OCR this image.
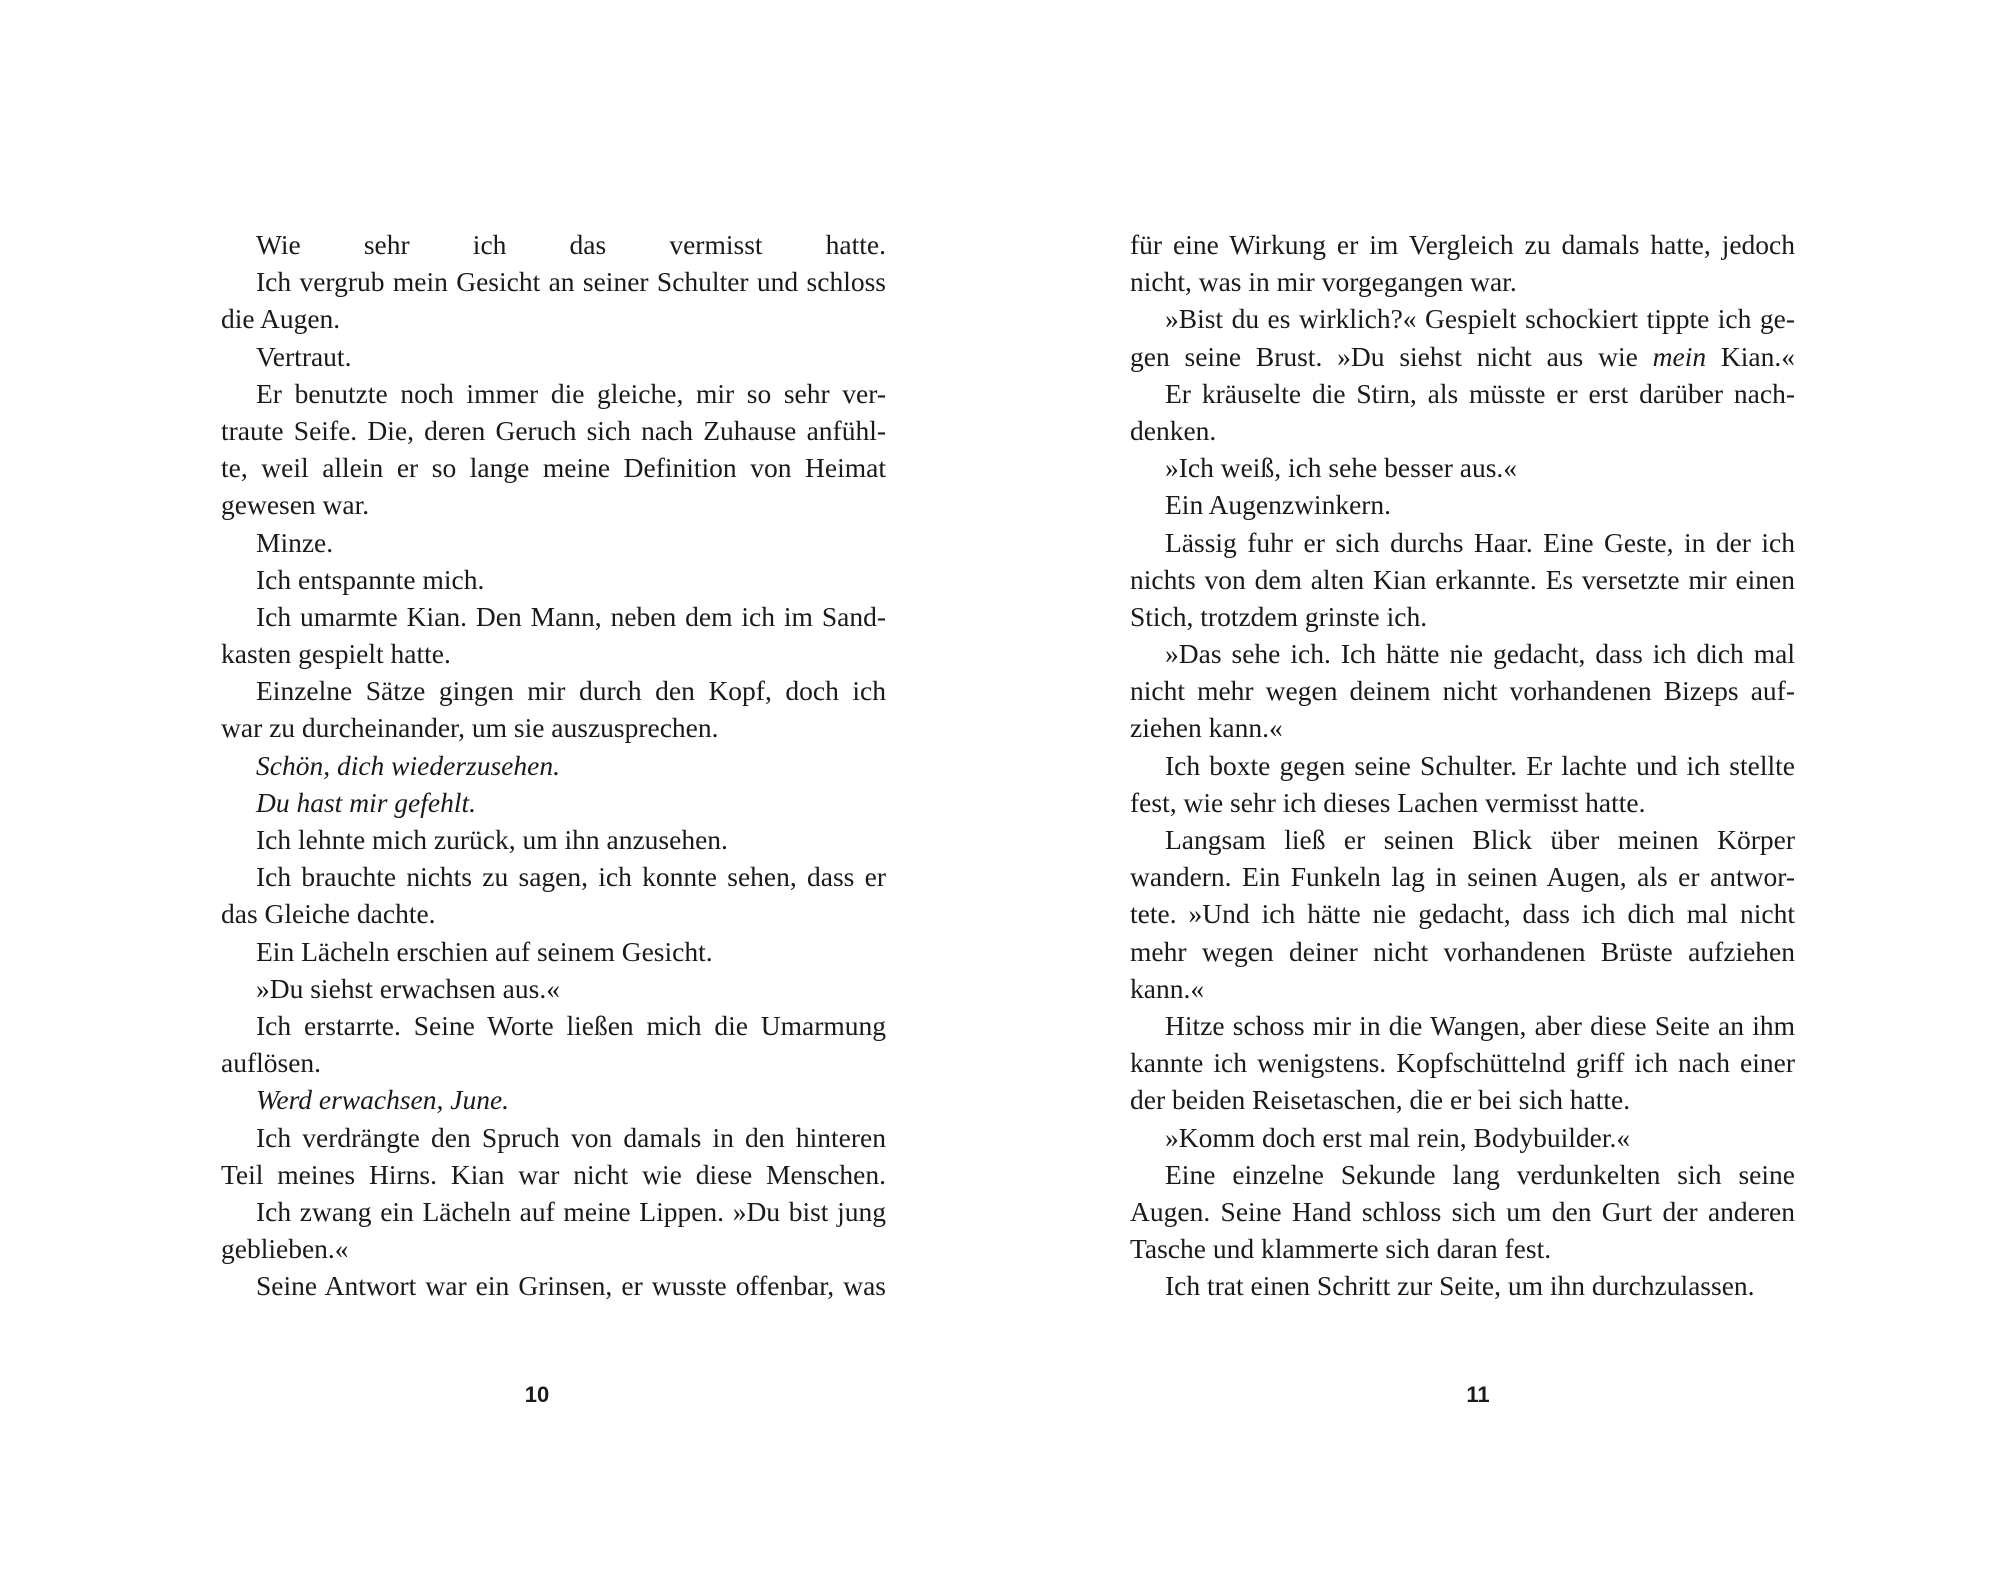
Wie sehr ich das vermisst hatte.
Ich vergrub mein Gesicht an seiner Schulter und schloss
die Augen.
Vertraut.
Er benutzte noch immer die gleiche, mir so sehr ver-
traute Seife. Die, deren Geruch sich nach Zuhause anfühl-
te, weil allein er so lange meine Definition von Heimat
gewesen war.
Minze.
Ich entspannte mich.
Ich umarmte Kian. Den Mann, neben dem ich im Sand-
kasten gespielt hatte.
Einzelne Sätze gingen mir durch den Kopf, doch ich
war zu durcheinander, um sie auszusprechen.
Schön, dich wiederzusehen.
Du hast mir gefehlt.
Ich lehnte mich zurück, um ihn anzusehen.
Ich brauchte nichts zu sagen, ich konnte sehen, dass er
das Gleiche dachte.
Ein Lächeln erschien auf seinem Gesicht.
»Du siehst erwachsen aus.«
Ich erstarrte. Seine Worte ließen mich die Umarmung
auflösen.
Werd erwachsen, June.
Ich verdrängte den Spruch von damals in den hinteren
Teil meines Hirns. Kian war nicht wie diese Menschen.
Ich zwang ein Lächeln auf meine Lippen. »Du bist jung
geblieben.«
Seine Antwort war ein Grinsen, er wusste offenbar, was
10
für eine Wirkung er im Vergleich zu damals hatte, jedoch
nicht, was in mir vorgegangen war.
»Bist du es wirklich?« Gespielt schockiert tippte ich ge-
gen seine Brust. »Du siehst nicht aus wie mein Kian.«
Er kräuselte die Stirn, als müsste er erst darüber nach-
denken.
»Ich weiß, ich sehe besser aus.«
Ein Augenzwinkern.
Lässig fuhr er sich durchs Haar. Eine Geste, in der ich
nichts von dem alten Kian erkannte. Es versetzte mir einen
Stich, trotzdem grinste ich.
»Das sehe ich. Ich hätte nie gedacht, dass ich dich mal
nicht mehr wegen deinem nicht vorhandenen Bizeps auf-
ziehen kann.«
Ich boxte gegen seine Schulter. Er lachte und ich stellte
fest, wie sehr ich dieses Lachen vermisst hatte.
Langsam ließ er seinen Blick über meinen Körper
wandern. Ein Funkeln lag in seinen Augen, als er antwor-
tete. »Und ich hätte nie gedacht, dass ich dich mal nicht
mehr wegen deiner nicht vorhandenen Brüste aufziehen
kann.«
Hitze schoss mir in die Wangen, aber diese Seite an ihm
kannte ich wenigstens. Kopfschüttelnd griff ich nach einer
der beiden Reisetaschen, die er bei sich hatte.
»Komm doch erst mal rein, Bodybuilder.«
Eine einzelne Sekunde lang verdunkelten sich seine
Augen. Seine Hand schloss sich um den Gurt der anderen
Tasche und klammerte sich daran fest.
Ich trat einen Schritt zur Seite, um ihn durchzulassen.
11
